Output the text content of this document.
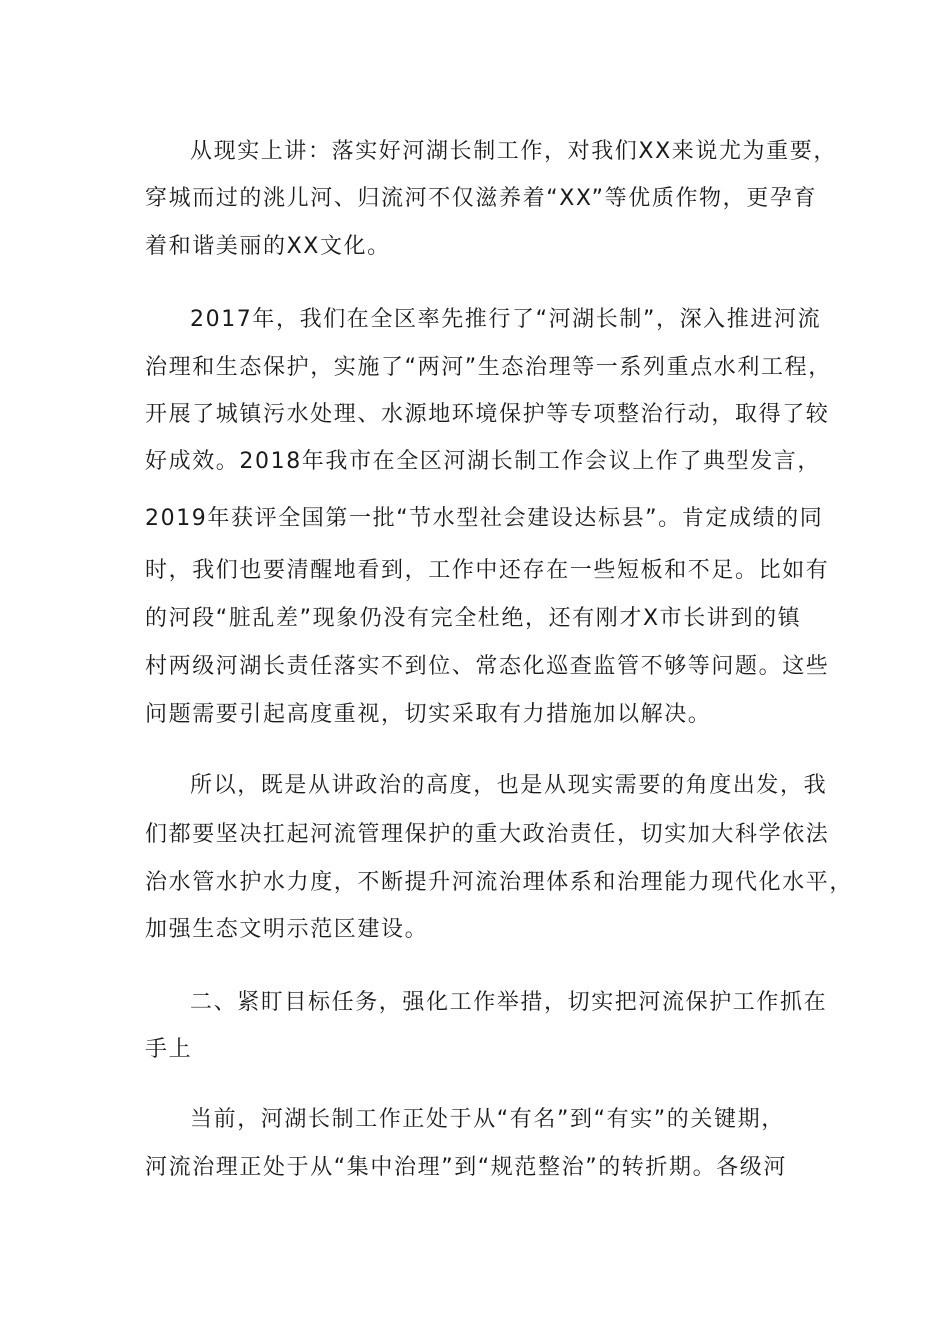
从现实上讲：落实好河湖长制工作，对我们XX来说尤为重要，

穿城而过的洮儿河、归流河不仅滋养着“XX”等优质作物，更孕育

着和谐美丽的XX文化。

2017年，我们在全区率先推行了“河湖长制”，深入推进河流

治理和生态保护，实施了“两河”生态治理等一系列重点水利工程，

开展了城镇污水处理、水源地环境保护等专项整治行动，取得了较

好成效。2018年我市在全区河湖长制工作会议上作了典型发言，

2019年获评全国第一批“节水型社会建设达标县”。肯定成绩的同

时，我们也要清醒地看到，工作中还存在一些短板和不足。比如有

的河段“脏乱差”现象仍没有完全杜绝，还有刚才X市长讲到的镇

村两级河湖长责任落实不到位、常态化巡查监管不够等问题。这些

问题需要引起高度重视，切实采取有力措施加以解决。

所以，既是从讲政治的高度，也是从现实需要的角度出发，我

们都要坚决扛起河流管理保护的重大政治责任，切实加大科学依法

治水管水护水力度，不断提升河流治理体系和治理能力现代化水平，

加强生态文明示范区建设。

二、紧盯目标任务，强化工作举措，切实把河流保护工作抓在

手上

当前，河湖长制工作正处于从“有名”到“有实”的关键期，

河流治理正处于从“集中治理”到“规范整治”的转折期。各级河
